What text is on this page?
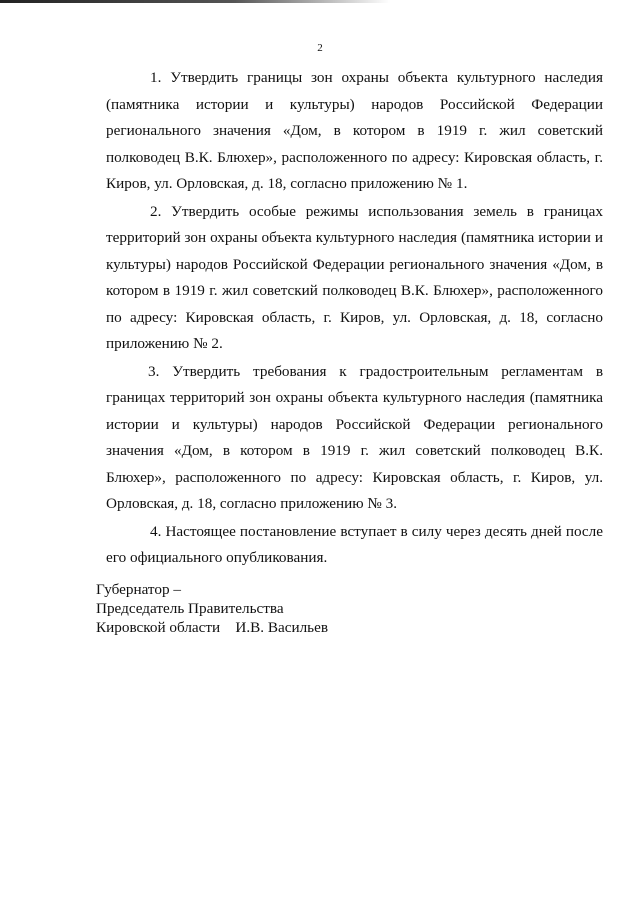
2

1. Утвердить границы зон охраны объекта культурного наследия (памятника истории и культуры) народов Российской Федерации регионального значения «Дом, в котором в 1919 г. жил советский полководец В.К. Блюхер», расположенного по адресу: Кировская область, г. Киров, ул. Орловская, д. 18, согласно приложению № 1.

2. Утвердить особые режимы использования земель в границах территорий зон охраны объекта культурного наследия (памятника истории и культуры) народов Российской Федерации регионального значения «Дом, в котором в 1919 г. жил советский полководец В.К. Блюхер», расположенного по адресу: Кировская область, г. Киров, ул. Орловская, д. 18, согласно приложению № 2.

3. Утвердить требования к градостроительным регламентам в границах территорий зон охраны объекта культурного наследия (памятника истории и культуры) народов Российской Федерации регионального значения «Дом, в котором в 1919 г. жил советский полководец В.К. Блюхер», расположенного по адресу: Кировская область, г. Киров, ул. Орловская, д. 18, согласно приложению № 3.

4. Настоящее постановление вступает в силу через десять дней после его официального опубликования.

Губернатор –
Председатель Правительства
Кировской области    И.В. Васильев
